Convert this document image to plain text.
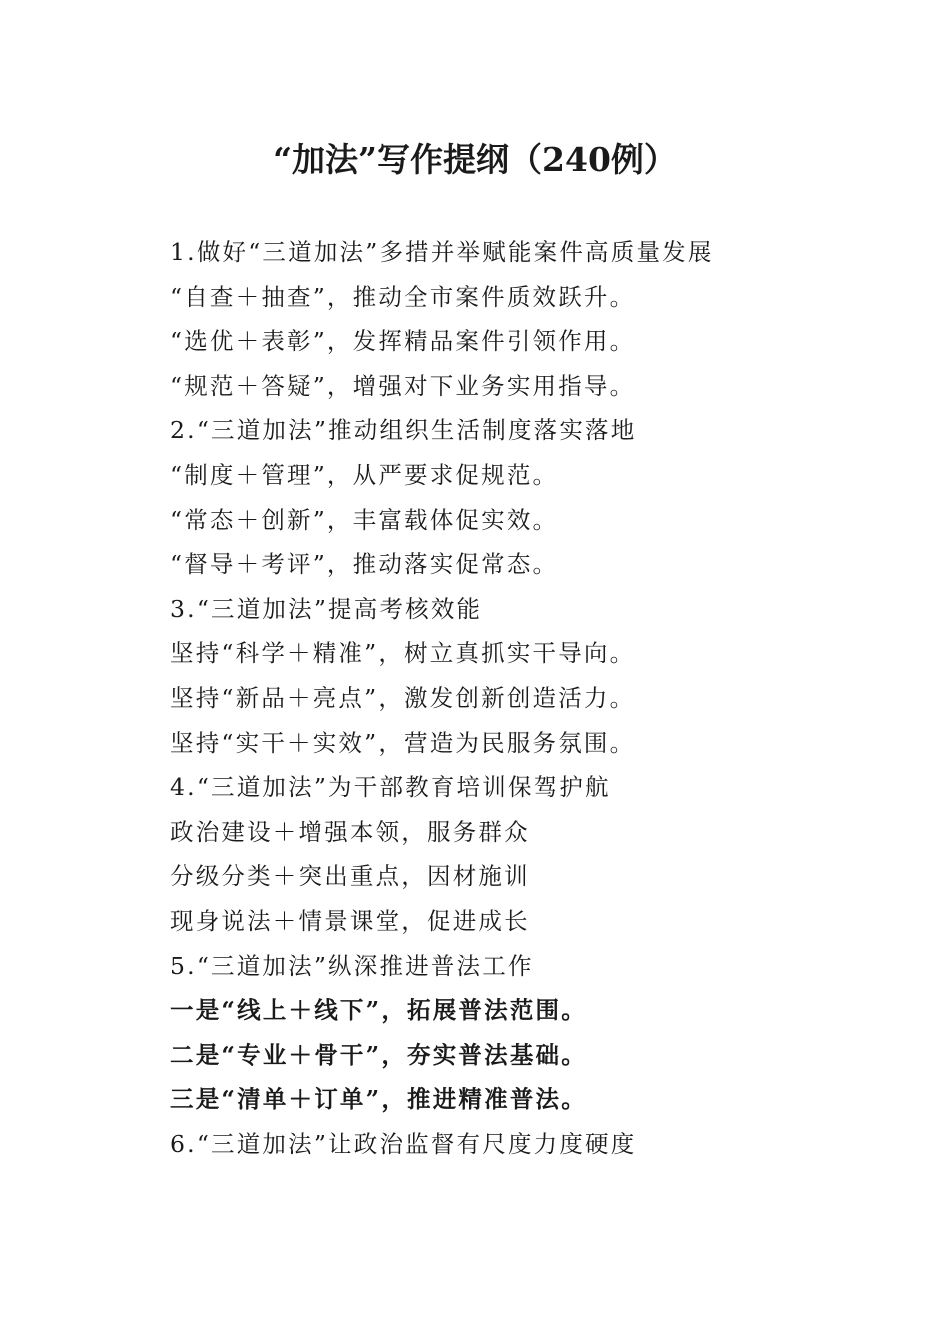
“加法”写作提纲（240例）
1.做好“三道加法”多措并举赋能案件高质量发展
“自查＋抽查”，推动全市案件质效跃升。
“选优＋表彰”，发挥精品案件引领作用。
“规范＋答疑”，增强对下业务实用指导。
2.“三道加法”推动组织生活制度落实落地
“制度＋管理”，从严要求促规范。
“常态＋创新”，丰富载体促实效。
“督导＋考评”，推动落实促常态。
3.“三道加法”提高考核效能
坚持“科学＋精准”，树立真抓实干导向。
坚持“新品＋亮点”，激发创新创造活力。
坚持“实干＋实效”，营造为民服务氛围。
4.“三道加法”为干部教育培训保驾护航
政治建设＋增强本领，服务群众
分级分类＋突出重点，因材施训
现身说法＋情景课堂，促进成长
5.“三道加法”纵深推进普法工作
一是“线上＋线下”，拓展普法范围。
二是“专业＋骨干”，夯实普法基础。
三是“清单＋订单”，推进精准普法。
6.“三道加法”让政治监督有尺度力度硬度
